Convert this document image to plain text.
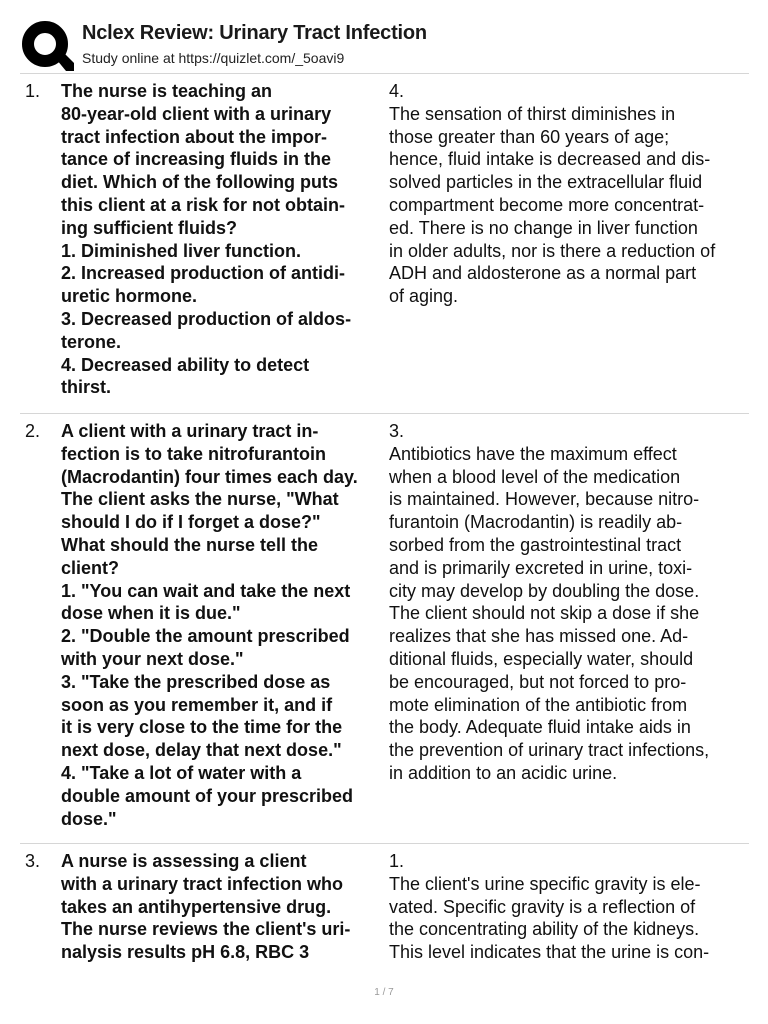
Nclex Review: Urinary Tract Infection
Study online at https://quizlet.com/_5oavi9
1. The nurse is teaching an
80-year-old client with a urinary
tract infection about the impor-
tance of increasing fluids in the
diet. Which of the following puts
this client at a risk for not obtain-
ing sufficient fluids?
1. Diminished liver function.
2. Increased production of antidi-
uretic hormone.
3. Decreased production of aldos-
terone.
4. Decreased ability to detect
thirst.
4.
The sensation of thirst diminishes in
those greater than 60 years of age;
hence, fluid intake is decreased and dis-
solved particles in the extracellular fluid
compartment become more concentrat-
ed. There is no change in liver function
in older adults, nor is there a reduction of
ADH and aldosterone as a normal part
of aging.
2. A client with a urinary tract in-
fection is to take nitrofurantoin
(Macrodantin) four times each day.
The client asks the nurse, "What
should I do if I forget a dose?"
What should the nurse tell the
client?
1. "You can wait and take the next
dose when it is due."
2. "Double the amount prescribed
with your next dose."
3. "Take the prescribed dose as
soon as you remember it, and if
it is very close to the time for the
next dose, delay that next dose."
4. "Take a lot of water with a
double amount of your prescribed
dose."
3.
Antibiotics have the maximum effect
when a blood level of the medication
is maintained. However, because nitro-
furantoin (Macrodantin) is readily ab-
sorbed from the gastrointestinal tract
and is primarily excreted in urine, toxi-
city may develop by doubling the dose.
The client should not skip a dose if she
realizes that she has missed one. Ad-
ditional fluids, especially water, should
be encouraged, but not forced to pro-
mote elimination of the antibiotic from
the body. Adequate fluid intake aids in
the prevention of urinary tract infections,
in addition to an acidic urine.
3. A nurse is assessing a client
with a urinary tract infection who
takes an antihypertensive drug.
The nurse reviews the client's uri-
nalysis results pH 6.8, RBC 3
1.
The client's urine specific gravity is ele-
vated. Specific gravity is a reflection of
the concentrating ability of the kidneys.
This level indicates that the urine is con-
1 / 7
